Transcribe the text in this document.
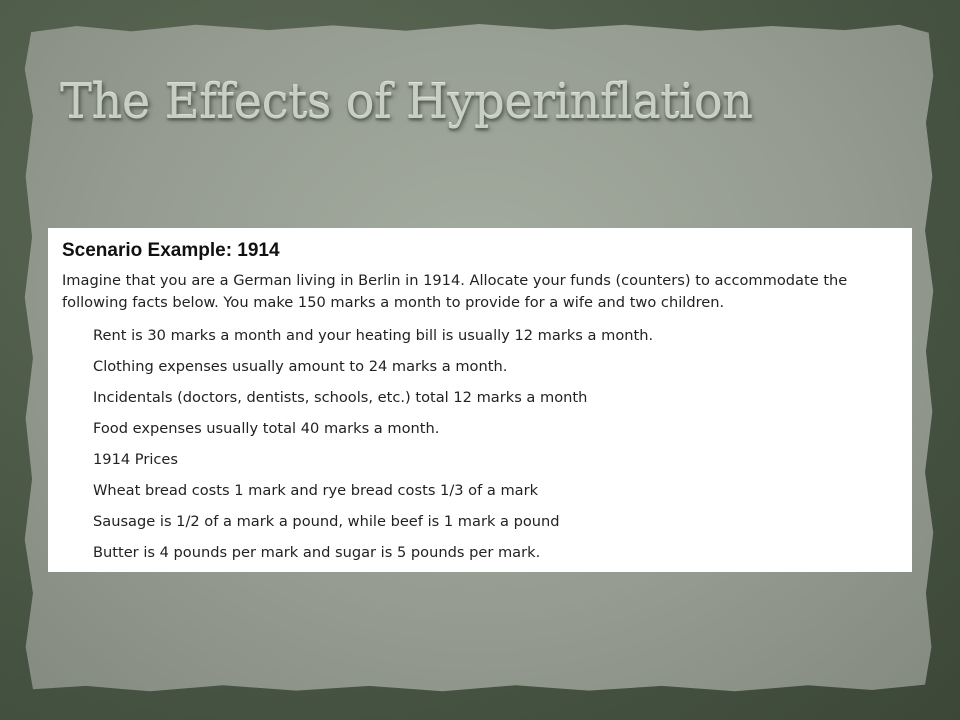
The Effects of Hyperinflation
Scenario Example: 1914

Imagine that you are a German living in Berlin in 1914. Allocate your funds (counters) to accommodate the following facts below. You make 150 marks a month to provide for a wife and two children.

Rent is 30 marks a month and your heating bill is usually 12 marks a month.
Clothing expenses usually amount to 24 marks a month.
Incidentals (doctors, dentists, schools, etc.) total 12 marks a month
Food expenses usually total 40 marks a month.
1914 Prices
Wheat bread costs 1 mark and rye bread costs 1/3 of a mark
Sausage is 1/2 of a mark a pound, while beef is 1 mark a pound
Butter is 4 pounds per mark and sugar is 5 pounds per mark.
